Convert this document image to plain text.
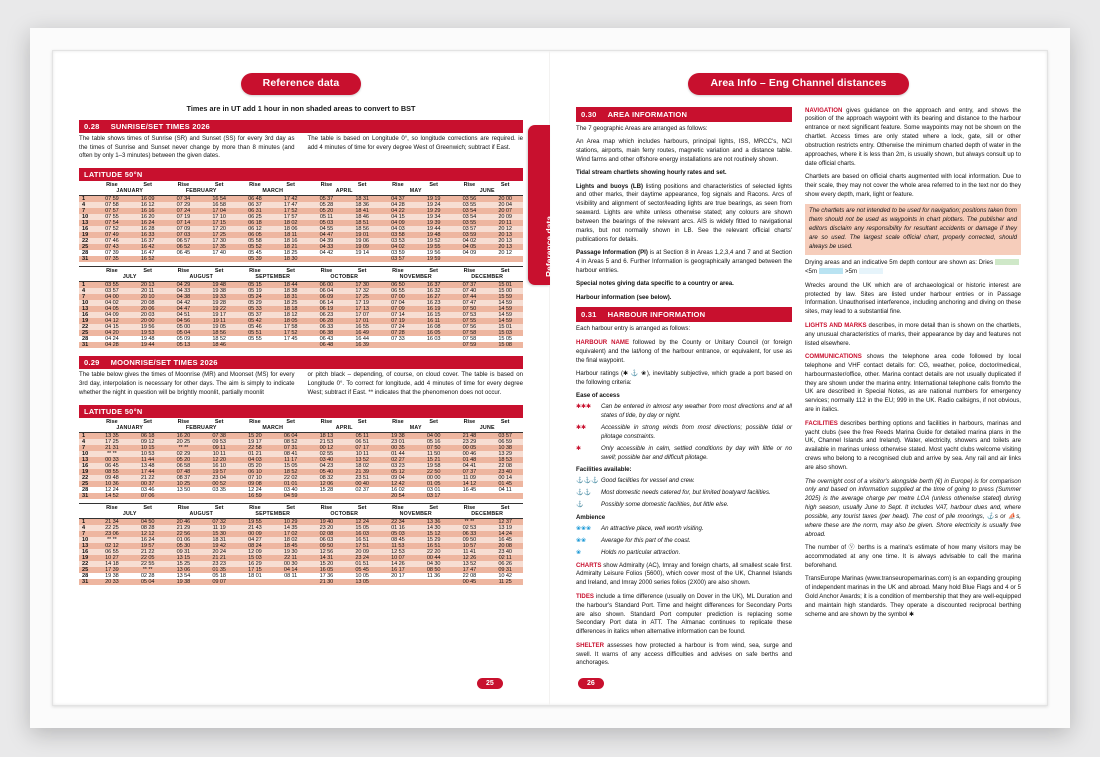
Reference data
Reference data
Times are in UT add 1 hour in non shaded areas to convert to BST
0.28 SUNRISE/SET TIMES 2026

The table shows times of Sunrise (SR) and Sunset (SS) for every 3rd day as the times of Sunrise and Sunset never change by more than 8 minutes (and often by only 1–3 minutes) between the given dates.

The table is based on Longitude 0°, so longitude corrections are required. ie add 4 minutes of time for every degree West of Greenwich; subtract if East.

LATITUDE 50°N
	Rise	Set	Rise	Set	Rise	Set	Rise	Set	Rise	Set	Rise	Set
	JANUARY		FEBRUARY		MARCH		APRIL		MAY		JUNE	
1	07 59	16 09	07 34	16 54	06 48	17 42	05 37	18 31	04 37	19 19	03 56	20 00
4	07 58	16 12	07 29	16 58	06 37	17 47	05 28	18 36	04 28	19 24	03 55	20 04
7	07 57	16 16	07 24	17 04	06 31	17 52	05 20	18 41	04 22	19 29	03 54	20 07
10	07 55	16 20	07 19	17 10	06 25	17 57	05 11	18 46	04 15	19 34	03 54	20 09
13	07 54	16 24	07 14	17 15	06 18	18 02	05 03	18 51	04 09	19 39	03 55	20 11
16	07 52	16 28	07 09	17 20	06 12	18 06	04 55	18 56	04 03	19 44	03 57	20 12
19	07 49	16 33	07 03	17 25	06 05	18 11	04 47	19 01	03 58	19 48	03 59	20 13
22	07 46	16 37	06 57	17 30	05 58	18 16	04 39	19 06	03 53	19 52	04 02	20 13
25	07 43	16 42	06 52	17 35	05 52	18 21	04 33	19 09	04 02	19 55	04 05	20 13
28	07 39	16 47	06 45	17 40	05 45	18 25	04 42	19 14	03 59	19 56	04 09	20 12
31	07 35	16 52			05 39	18 30			03 57	19 59		
	Rise	Set	Rise	Set	Rise	Set	Rise	Set	Rise	Set	Rise	Set
	JULY		AUGUST		SEPTEMBER		OCTOBER		NOVEMBER		DECEMBER	
1	03 55	20 13	04 29	19 48	05 15	18 44	06 00	17 30	06 50	16 37	07 37	15 01
4	03 57	20 11	04 33	19 38	05 19	18 38	06 04	17 32	06 55	16 32	07 40	15 00
7	04 00	20 10	04 38	19 33	05 24	18 31	06 09	17 25	07 00	16 27	07 44	15 59
10	04 02	20 08	04 42	19 28	05 29	18 25	06 14	17 19	07 04	16 23	07 47	14 59
13	04 05	20 06	04 47	19 22	05 33	18 18	06 19	17 13	07 09	16 19	07 50	14 59
16	04 09	20 03	04 51	19 17	05 37	18 12	06 23	17 07	07 14	16 15	07 53	14 59
19	04 12	20 00	04 56	19 11	05 42	18 05	06 28	17 01	07 19	16 11	07 55	14 59
22	04 15	19 56	05 00	19 05	05 46	17 58	06 33	16 55	07 24	16 08	07 56	15 01
25	04 20	19 53	05 04	18 56	05 51	17 52	06 38	16 49	07 28	16 05	07 58	15 03
28	04 24	19 48	05 09	18 52	05 55	17 45	06 43	16 44	07 33	16 03	07 58	15 05
31	04 28	19 44	05 13	18 46			06 48	16 39			07 59	15 08
0.29 MOONRISE/SET TIMES 2026

The table below gives the times of Moonrise (MR) and Moonset (MS) for every 3rd day, interpolation is necessary for other days. The aim is simply to indicate whether the night in question will be brightly moonlit, partially moonlit

or pitch black – depending, of course, on cloud cover. The table is based on Longitude 0°. To correct for longitude, add 4 minutes of time for every degree West; subtract if East. ** indicates that the phenomenon does not occur.

LATITUDE 50°N
	Rise	Set	Rise	Set	Rise	Set	Rise	Set	Rise	Set	Rise	Set
	JANUARY		FEBRUARY		MARCH		APRIL		MAY		JUNE	
1	13 35	06 18	16 20	07 38	15 20	06 04	18 13	05 11	19 38	04 00	21 48	03 57
4	17 25	09 12	20 25	09 53	19 17	08 52	21 53	06 51	23 01	05 16	23 29	06 59
7	21 31	10 15	** **	09 11	22 58	07 31	00 12	07 17	00 35	07 50	00 05	10 38
10	** **	10 53	02 29	10 11	01 21	08 41	02 55	10 11	01 44	11 50	00 46	13 29
13	00 33	11 44	05 20	12 20	04 03	11 17	03 40	13 52	02 27	15 21	01 48	18 53
16	06 45	13 48	06 58	16 10	05 20	15 05	04 23	18 02	03 23	19 58	04 41	22 08
19	08 55	17 44	07 48	19 57	06 10	18 52	05 40	21 39	05 12	22 50	07 37	23 40
22	09 48	21 22	08 37	23 04	07 10	22 02	08 32	23 51	09 04	00 00	11 09	00 14
25	10 36	00 37	10 25	00 52	09 08	01 01	12 06	00 40	12 42	01 05	14 12	01 45
28	12 24	03 46	13 50	03 35	12 24	03 40	15 28	02 37	16 02	03 01	16 45	04 11
31	14 52	07 06			16 59	04 59			20 54	03 17		
	Rise	Set	Rise	Set	Rise	Set	Rise	Set	Rise	Set	Rise	Set
	JULY		AUGUST		SEPTEMBER		OCTOBER		NOVEMBER		DECEMBER	
1	21 34	04 50	20 46	07 32	19 55	10 29	19 40	12 24	22 34	13 36	** **	12 37
4	22 25	08 28	21 29	11 19	21 43	14 35	23 20	15 05	01 16	14 30	02 53	13 19
7	23 06	12 12	22 56	15 30	00 09	17 02	02 08	16 03	05 03	15 12	06 33	14 24
10	** **	16 24	01 06	18 31	04 27	18 02	06 03	16 51	08 45	15 29	09 50	16 45
13	02 12	19 57	05 30	19 42	08 24	18 45	09 50	17 51	11 53	16 51	10 57	20 08
16	06 55	21 22	09 31	20 24	12 09	19 30	12 56	20 09	12 53	22 20	11 41	23 40
19	10 27	22 05	13 15	21 21	15 03	22 11	14 31	23 24	10 07	00 44	12 26	02 11
22	14 18	22 55	15 25	23 23	16 29	00 30	15 20	01 51	14 26	04 30	13 52	06 26
25	17 39	** **	13 06	01 35	17 15	04 14	16 05	05 45	16 17	08 50	17 47	09 31
28	19 38	02 28	13 54	05 18	18 01	08 11	17 36	10 05	20 17	11 36	22 08	10 42
31	20 33	05 04	19 38	09 07			21 30	13 05			00 45	11 25
25
Area Info – Eng Channel distances
0.30 AREA INFORMATION

The 7 geographic Areas are arranged as follows:

An Area map which includes harbours, principal lights, ISS, MRCC's, NCI stations, airports, main ferry routes, magnetic variation and a distance table. Wind farms and other offshore energy installations are not routinely shown.

Tidal stream chartlets showing hourly rates and set.

Lights and buoys (LB) listing positions and characteristics of selected lights and other marks, their daytime appearance, fog signals and Racons. Arcs of visibility and alignment of sector/leading lights are true bearings, as seen from seaward. Lights are white unless otherwise stated; any colours are shown between the bearings of the relevant arcs. AIS is widely fitted to navigational marks, but not normally shown in LB. See the relevant official charts' publications for details.

Passage Information (PI) is at Section 8 in Areas 1,2,3,4 and 7 and at Section 4 in Areas 5 and 6. Further Information is geographically arranged between the harbour entries.

Special notes giving data specific to a country or area.

Harbour information (see below).

0.31 HARBOUR INFORMATION

Each harbour entry is arranged as follows:

HARBOUR NAME followed by the County or Unitary Council (or foreign equivalent) and the lat/long of the harbour entrance, or equivalent, for use as the final waypoint.

Harbour ratings (✱ ⚓ ❀), inevitably subjective, which grade a port based on the following criteria:

Ease of access

✱✱✱	Can be entered in almost any weather from most directions and at all states of tide, by day or night.
✱✱	Accessible in strong winds from most directions; possible tidal or pilotage constraints.
✱	Only accessible in calm, settled conditions by day with little or no swell; possible bar and difficult pilotage.

Facilities available:

⚓⚓⚓ Good facilities for vessel and crew.
⚓⚓	Most domestic needs catered for, but limited boatyard facilities.
⚓	Possibly some domestic facilities, but little else.

Ambience

❀❀❀	An attractive place, well worth visiting.
❀❀	Average for this part of the coast.
❀	Holds no particular attraction.

CHARTS show Admiralty (AC), Imray and foreign charts, all smallest scale first. Admiralty Leisure Folios (5600), which cover most of the UK, Channel Islands and Ireland, and Imray 2000 series folios (2X00) are also shown.

TIDES include a time difference (usually on Dover in the UK), ML Duration and the harbour's Standard Port. Time and height differences for Secondary Ports are also shown. Standard Port computer prediction is replacing some Secondary Port data in ATT. The Almanac continues to replicate these differences in italics when alternative information can be found.

SHELTER assesses how protected a harbour is from wind, sea, surge and swell. It warns of any access difficulties and advises on safe berths and anchorages.

NAVIGATION gives guidance on the approach and entry, and shows the position of the approach waypoint with its bearing and distance to the harbour entrance or next significant feature. Some waypoints may not be shown on the chartlet. Access times are only stated where a lock, gate, sill or other obstruction restricts entry. Otherwise the minimum charted depth of water in the approaches, where it is less than 2m, is usually shown, but always consult up to date official charts.

Chartlets are based on official charts augmented with local information. Due to their scale, they may not cover the whole area referred to in the text nor do they show every depth, mark, light or feature.

The chartlets are not intended to be used for navigation; positions taken from them should not be used as waypoints in chart plotters. The publisher and editors disclaim any responsibility for resultant accidents or damage if they are so used. The largest scale official chart, properly corrected, should always be used.

Drying areas and an indicative 5m depth contour are shown as: Dries<5m	>5m

Wrecks around the UK which are of archaeological or historic interest are protected by law. Sites are listed under harbour entries or in Passage Information. Unauthorised interference, including anchoring and diving on these sites, may lead to a substantial fine.

LIGHTS AND MARKS describes, in more detail than is shown on the chartlets, any unusual characteristics of marks, their appearance by day and features not listed elsewhere.

COMMUNICATIONS shows the telephone area code followed by local telephone and VHF contact details for: CG, weather, police, doctor/medical, harbourmaster/office, other. Marina contact details are not usually duplicated if they are shown under the marina entry. International telephone calls from/to the UK are described in Special Notes, as are national numbers for emergency services; normally 112 in the EU; 999 in the UK. Radio callsigns, if not obvious, are in italics.

FACILITIES describes berthing options and facilities in harbours, marinas and yacht clubs (see the free Reeds Marina Guide for detailed marina plans in the UK, Channel Islands and Ireland). Water, electricity, showers and toilets are available in marinas unless otherwise stated. Most yacht clubs welcome visiting crews who belong to a recognised club and arrive by sea. Any rail and air links are also shown.

The overnight cost of a visitor's alongside berth (€) in Europe) is for comparison only and based on information supplied at the time of going to press (Summer 2025) is the average charge per metre LOA (unless otherwise stated) during high season, usually June to Sept. It includes VAT, harbour dues and, where possible, any tourist taxes (per head). The cost of pile moorings, ⚓s or ⛵s, where these are the norm, may also be given. Shore electricity is usually free abroad.

The number of Ⓥ berths is a marina's estimate of how many visitors may be accommodated at any one time. It is always advisable to call the marina beforehand.

TransEurope Marinas (www.transeuropemarinas.com) is an expanding grouping of independent marinas in the UK and abroad. Many hold Blue Flags and 4 or 5 Gold Anchor Awards; it is a condition of membership that they are well-equipped and maintain high standards. They operate a discounted reciprocal berthing scheme and are shown by the symbol ✱

26
